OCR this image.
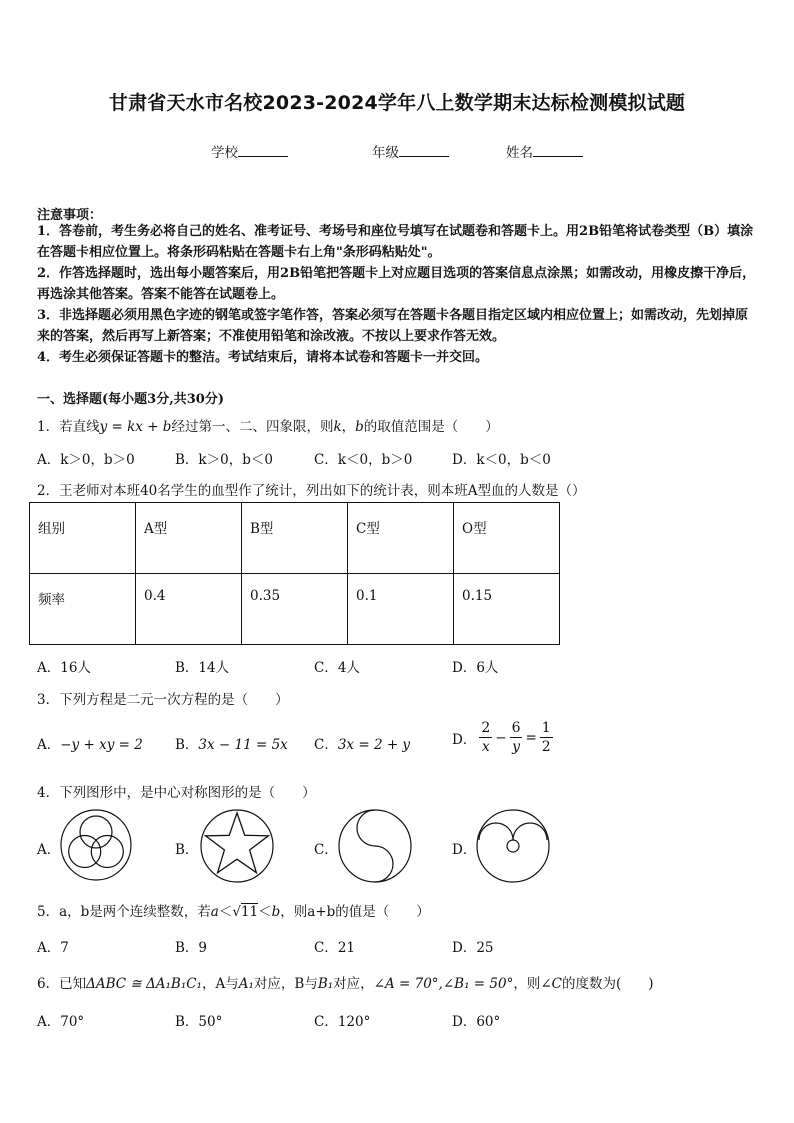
甘肃省天水市名校2023-2024学年八上数学期末达标检测模拟试题
学校	年级	姓名
注意事项：
1．答卷前，考生务必将自己的姓名、准考证号、考场号和座位号填写在试题卷和答题卡上。用2B铅笔将试卷类型（B）填涂在答题卡相应位置上。将条形码粘贴在答题卡右上角"条形码粘贴处"。
2．作答选择题时，选出每小题答案后，用2B铅笔把答题卡上对应题目选项的答案信息点涂黑；如需改动，用橡皮擦干净后，再选涂其他答案。答案不能答在试题卷上。
3．非选择题必须用黑色字迹的钢笔或签字笔作答，答案必须写在答题卡各题目指定区域内相应位置上；如需改动，先划掉原来的答案，然后再写上新答案；不准使用铅笔和涂改液。不按以上要求作答无效。
4．考生必须保证答题卡的整洁。考试结束后，请将本试卷和答题卡一并交回。
一、选择题(每小题3分,共30分)
1．若直线y = kx + b经过第一、二、四象限，则k，b的取值范围是（　　）
A．k＞0，b＞0	B．k＞0，b＜0	C．k＜0，b＞0	D．k＜0，b＜0
2．王老师对本班40名学生的血型作了统计，列出如下的统计表，则本班A型血的人数是（）
组别	A型	B型	C型	O型
频率	0.4	0.35	0.1	0.15
A．16人	B．14人	C．4人	D．6人
3．下列方程是二元一次方程的是（　　）
A．−y + xy = 2 B．3x − 11 = 5x C．3x = 2 + y	D． $\frac{2}{x} - \frac{6}{y} = \frac{1}{2}$
4．下列图形中，是中心对称图形的是（　　）
A．	B．	C．	D．
5．a，b是两个连续整数，若a＜√11＜b，则a+b的值是（　　）
A．7	B．9	C．21	D．25
6．已知ΔABC ≅ ΔA₁B₁C₁，A与A₁对应，B与B₁对应，∠A = 70°,∠B₁ = 50°，则∠C的度数为(　　)
A．70°	B．50°	C．120°	D．60°
